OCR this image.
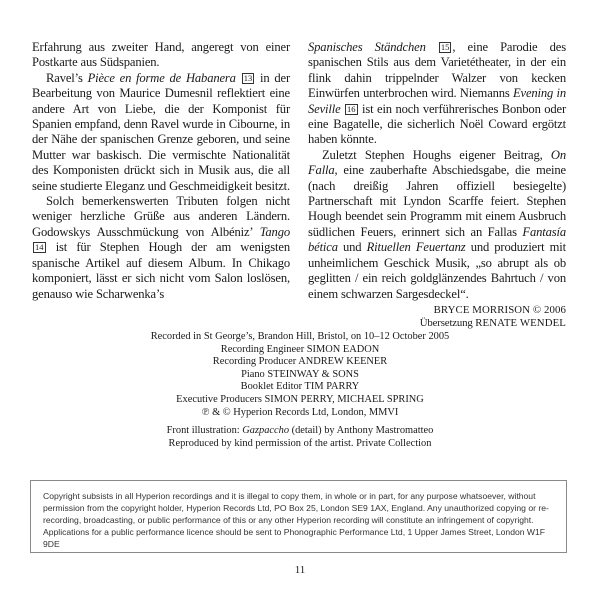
Erfahrung aus zweiter Hand, angeregt von einer Postkarte aus Südspanien.

Ravel’s Pièce en forme de Habanera 13 in der Bearbeitung von Maurice Dumesnil reflektiert eine andere Art von Liebe, die der Komponist für Spanien empfand, denn Ravel wurde in Cibourne, in der Nähe der spanischen Grenze geboren, und seine Mutter war baskisch. Die vermischte Nationalität des Komponisten drückt sich in Musik aus, die all seine studierte Eleganz und Geschmeidigkeit besitzt.

Solch bemerkenswerten Tributen folgen nicht weniger herzliche Grüße aus anderen Ländern. Godowskys Ausschmückung von Albéniz’ Tango 14 ist für Stephen Hough der am wenigsten spanische Artikel auf diesem Album. In Chikago komponiert, lässt er sich nicht vom Salon loslösen, genauso wie Scharwenka’s

Spanisches Ständchen 15 , eine Parodie des spanischen Stils aus dem Varietétheater, in der ein flink dahin trippelnder Walzer von kecken Einwürfen unterbrochen wird. Niemanns Evening in Seville 16 ist ein noch verführerisches Bonbon oder eine Bagatelle, die sicherlich Noël Coward ergötzt haben könnte.

Zuletzt Stephen Houghs eigener Beitrag, On Falla, eine zauberhafte Abschiedsgabe, die meine (nach dreißig Jahren offiziell besiegelte) Partnerschaft mit Lyndon Scarffe feiert. Stephen Hough beendet sein Programm mit einem Ausbruch südlichen Feuers, erinnert sich an Fallas Fantasía bética und Rituellen Feuertanz und produziert mit unheimlichem Geschick Musik, „so abrupt als ob geglitten / ein reich goldglänzendes Bahrtuch / von einem schwarzen Sargesdeckel“.

BRYCE MORRISON © 2006
Übersetzung RENATE WENDEL
Recorded in St George’s, Brandon Hill, Bristol, on 10–12 October 2005
Recording Engineer SIMON EADON
Recording Producer ANDREW KEENER
Piano STEINWAY & SONS
Booklet Editor TIM PARRY
Executive Producers SIMON PERRY, MICHAEL SPRING
℗ & © Hyperion Records Ltd, London, MMVI
Front illustration: Gazpaccho (detail) by Anthony Mastromatteo
Reproduced by kind permission of the artist. Private Collection
Copyright subsists in all Hyperion recordings and it is illegal to copy them, in whole or in part, for any purpose whatsoever, without permission from the copyright holder, Hyperion Records Ltd, PO Box 25, London SE9 1AX, England. Any unauthorized copying or re-recording, broadcasting, or public performance of this or any other Hyperion recording will constitute an infringement of copyright. Applications for a public performance licence should be sent to Phonographic Performance Ltd, 1 Upper James Street, London W1F 9DE
11
